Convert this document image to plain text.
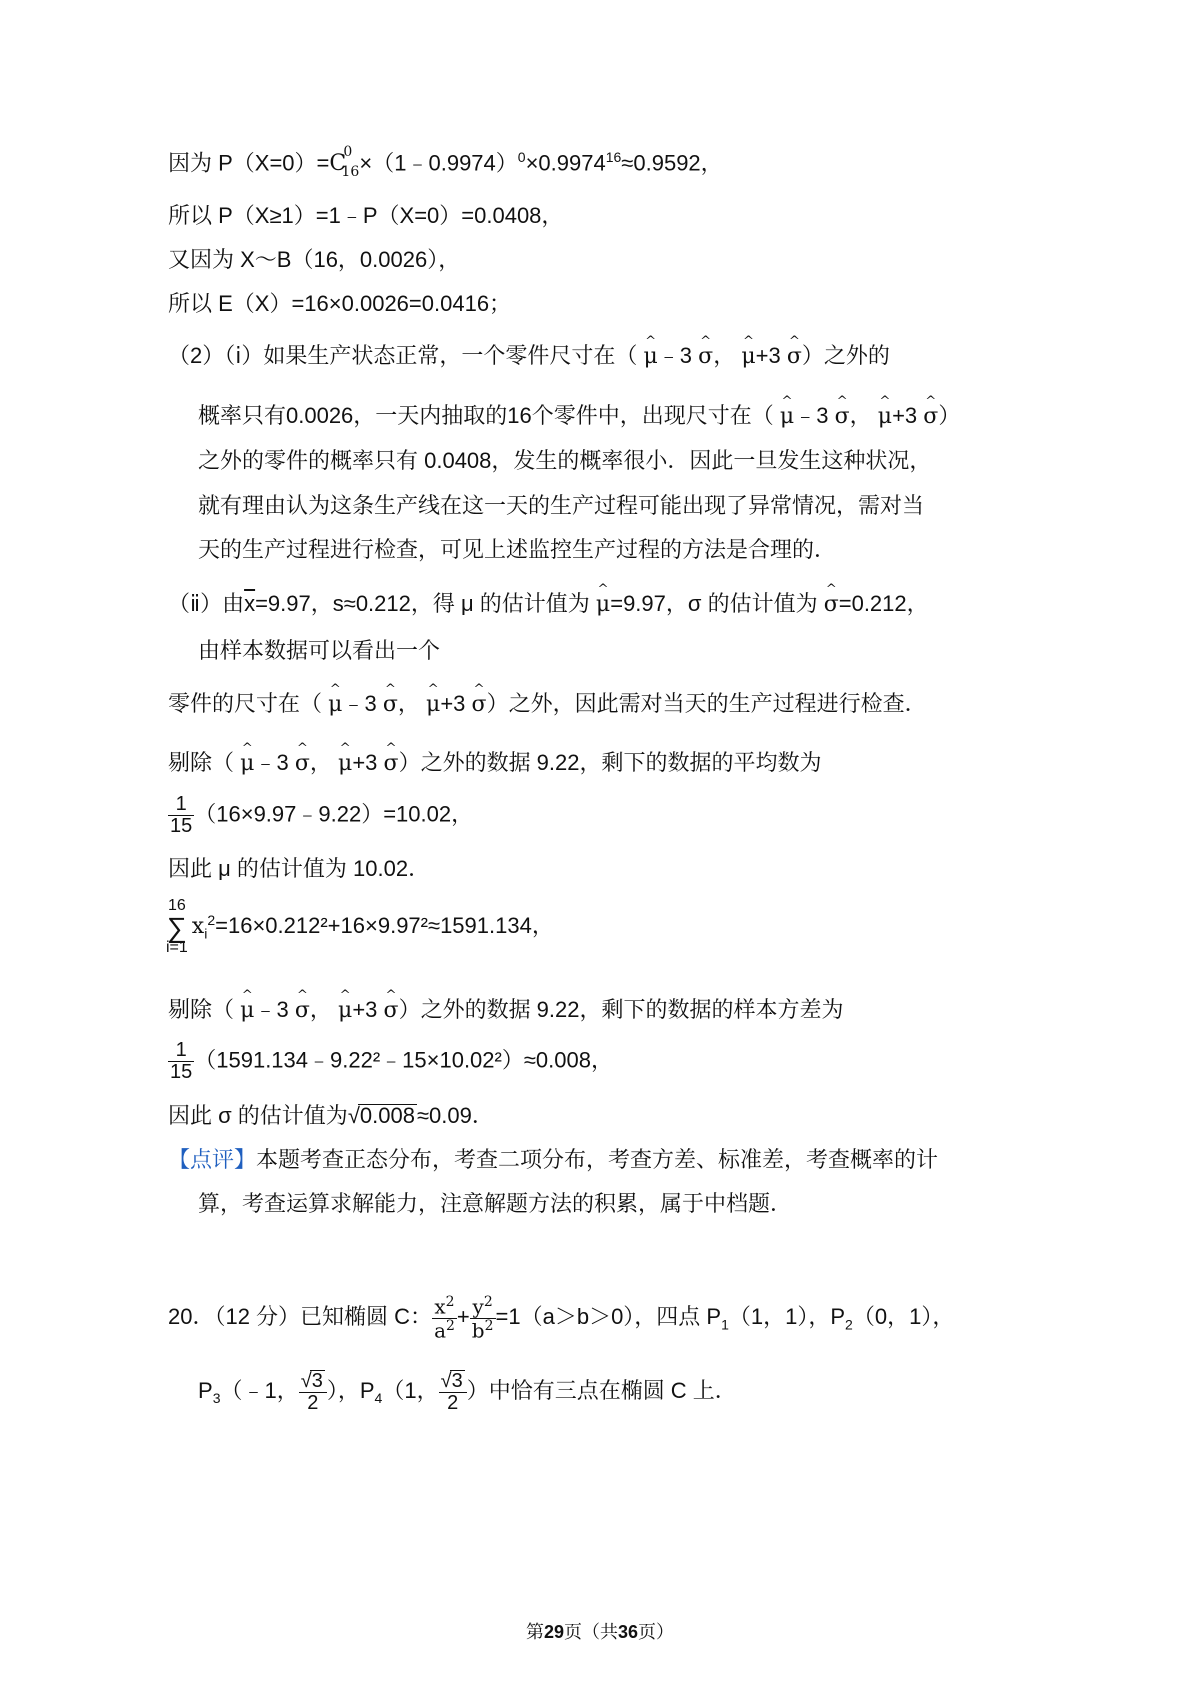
因为 P（X=0）=C
0
$16 \times(1﹣0.9974)^0\times 0.9974^{16}\approx 0.9592$，
所以 P（X≥1）=1﹣P（X=0）=0.0408，
又因为 X～B（16，0.0026），
所以 E（X）=16×0.0026=0.0416；
（2）（ⅰ）如果生产状态正常，一个零件尺寸在（ ^ μ﹣3 ^ σ， ^ μ+3 ^ σ）之外的
概率只有0.0026，一天内抽取的16个零件中，出现尺寸在（ ^ μ﹣3 ^ σ， ^ μ+3 ^ σ）
之外的零件的概率只有 0.0408，发生的概率很小．因此一旦发生这种状况，
就有理由认为这条生产线在这一天的生产过程可能出现了异常情况，需对当
天的生产过程进行检查，可见上述监控生产过程的方法是合理的．
（ⅱ）由$\overline{x}=9.97$，s≈0.212，得 μ 的估计值为 ^ μ=9.97，σ 的估计值为 ^ σ=0.212，
由样本数据可以看出一个
零件的尺寸在（ ^ μ﹣3 ^ σ， ^ μ+3 ^ σ）之外，因此需对当天的生产过程进行检查．
剔除（ ^ μ﹣3 ^ σ， ^ μ+3 ^ σ）之外的数据 9.22，剩下的数据的平均数为
$\frac{1}{15}$ （16×9.97﹣9.22）=10.02，
因此 μ 的估计值为 10.02．
16
∑
$i=1x_i^2=16\times 0.212^2+16\times 9.97^2\approx 1591.134$，
剔除（ ^ μ﹣3 ^ σ， ^ μ+3 ^ σ）之外的数据 9.22，剩下的数据的样本方差为
$\frac{1}{15}$ （1591.134﹣9.22²﹣15×10.02²）≈0.008，
因此 σ 的估计值为√0.008≈0.09．
【点评】本题考查正态分布，考查二项分布，考查方差、标准差，考查概率的计
算，考查运算求解能力，注意解题方法的积累，属于中档题．
20．（12 分）已知椭圆 C： $\frac{x^2}{a^2} + \frac{y^2}{b^2} =1(a>b>0)$，四点 $P_1(1$，1），$P_2(0$，1），
$P_3(﹣1$， $\frac{√3}{2}$ ），$P_4(1$， $\frac{√3}{2}$ ）中恰有三点在椭圆 C 上．
第29页（共36页）
